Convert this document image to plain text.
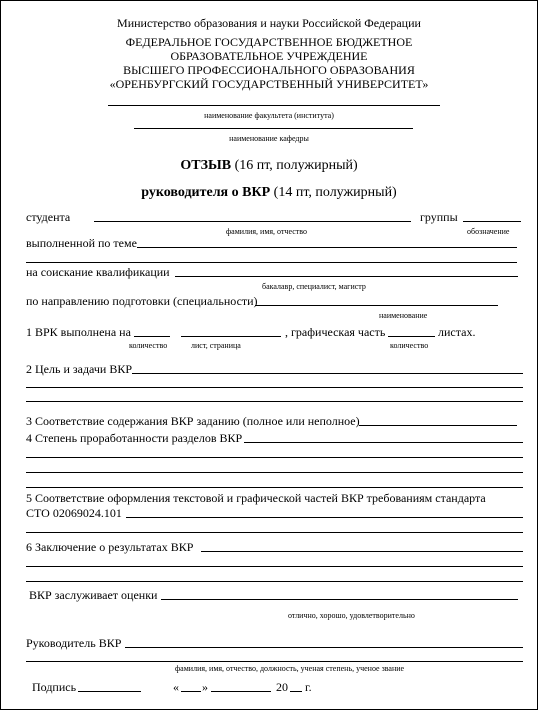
Министерство образования и науки Российской Федерации
ФЕДЕРАЛЬНОЕ ГОСУДАРСТВЕННОЕ БЮДЖЕТНОЕ
ОБРАЗОВАТЕЛЬНОЕ УЧРЕЖДЕНИЕ
ВЫСШЕГО ПРОФЕССИОНАЛЬНОГО ОБРАЗОВАНИЯ
«ОРЕНБУРГСКИЙ ГОСУДАРСТВЕННЫЙ УНИВЕРСИТЕТ»
наименование факультета (института)
наименование кафедры
ОТЗЫВ (16 пт, полужирный)
руководителя о ВКР (14 пт, полужирный)
студента	группы
фамилия, имя, отчество	обозначение
выполненной по теме
на соискание квалификации
бакалавр, специалист, магистр
по направлению подготовки (специальности)
наименование
1 ВРК выполнена на	, графическая часть	листах.
количество	лист, страница	количество
2 Цель и задачи ВКР
3 Соответствие содержания ВКР заданию (полное или неполное)
4 Степень проработанности разделов ВКР
5 Соответствие оформления текстовой и графической частей ВКР требованиям стандарта
СТО 02069024.101
6 Заключение о результатах ВКР
ВКР заслуживает оценки
отлично, хорошо, удовлетворительно
Руководитель ВКР
фамилия, имя, отчество, должность, ученая степень, ученое звание
Подпись	« »	20 г.
